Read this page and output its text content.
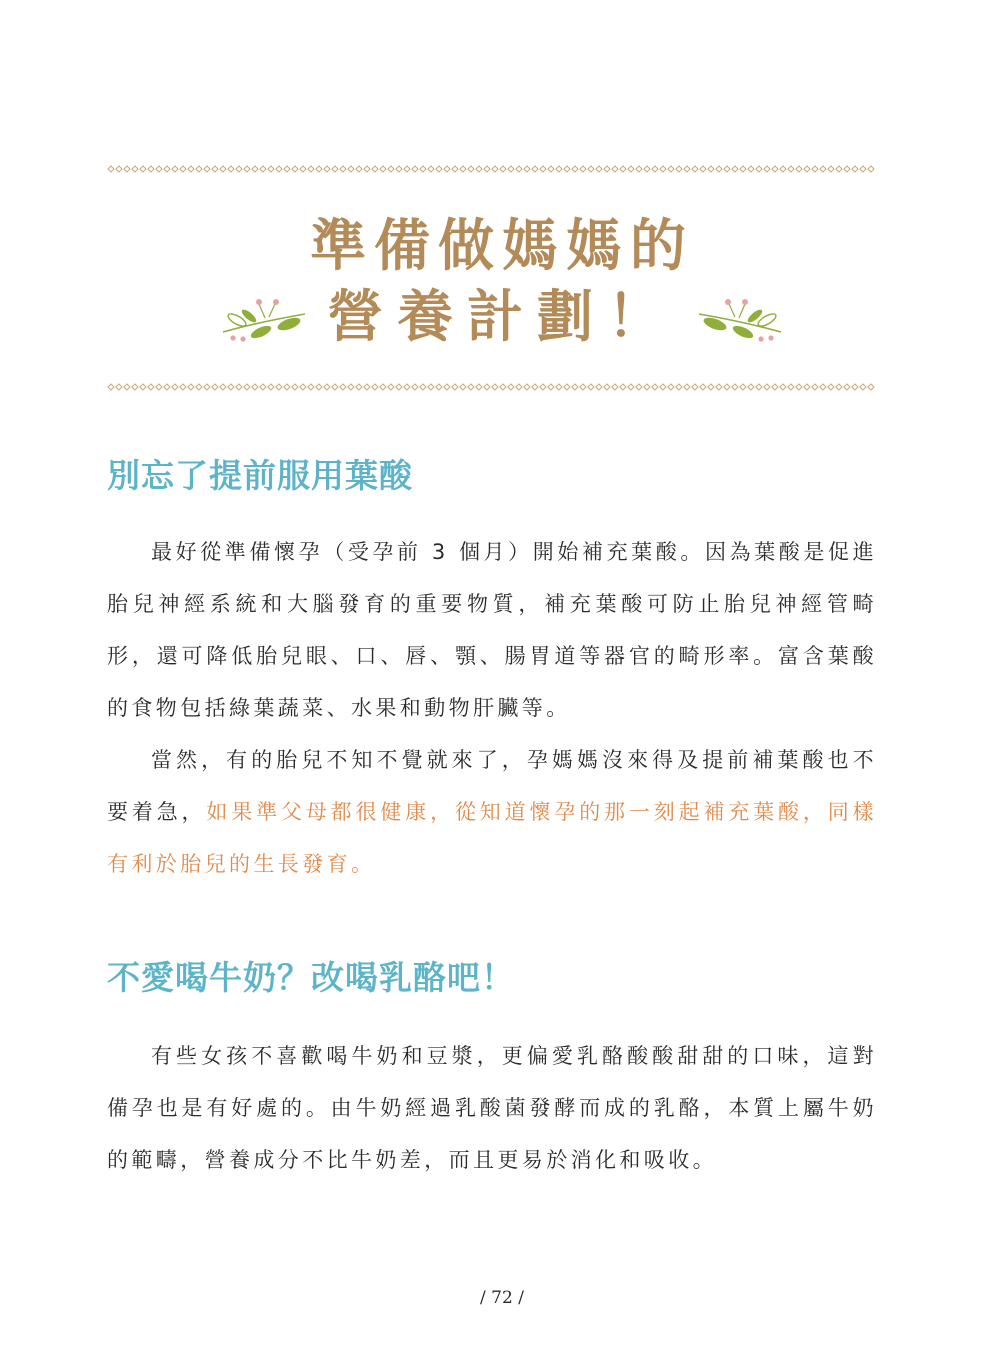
準備做媽媽的
營養計劃！
別忘了提前服用葉酸

最好從準備懷孕（受孕前 3 個月）開始補充葉酸。因為葉酸是促進胎兒神經系統和大腦發育的重要物質，補充葉酸可防止胎兒神經管畸形，還可降低胎兒眼、口、唇、顎、腸胃道等器官的畸形率。富含葉酸的食物包括綠葉蔬菜、水果和動物肝臟等。

當然，有的胎兒不知不覺就來了，孕媽媽沒來得及提前補葉酸也不要着急，如果準父母都很健康，從知道懷孕的那一刻起補充葉酸，同樣有利於胎兒的生長發育。

不愛喝牛奶？改喝乳酪吧！

有些女孩不喜歡喝牛奶和豆漿，更偏愛乳酪酸酸甜甜的口味，這對備孕也是有好處的。由牛奶經過乳酸菌發酵而成的乳酪，本質上屬牛奶的範疇，營養成分不比牛奶差，而且更易於消化和吸收。

/ 72 /
